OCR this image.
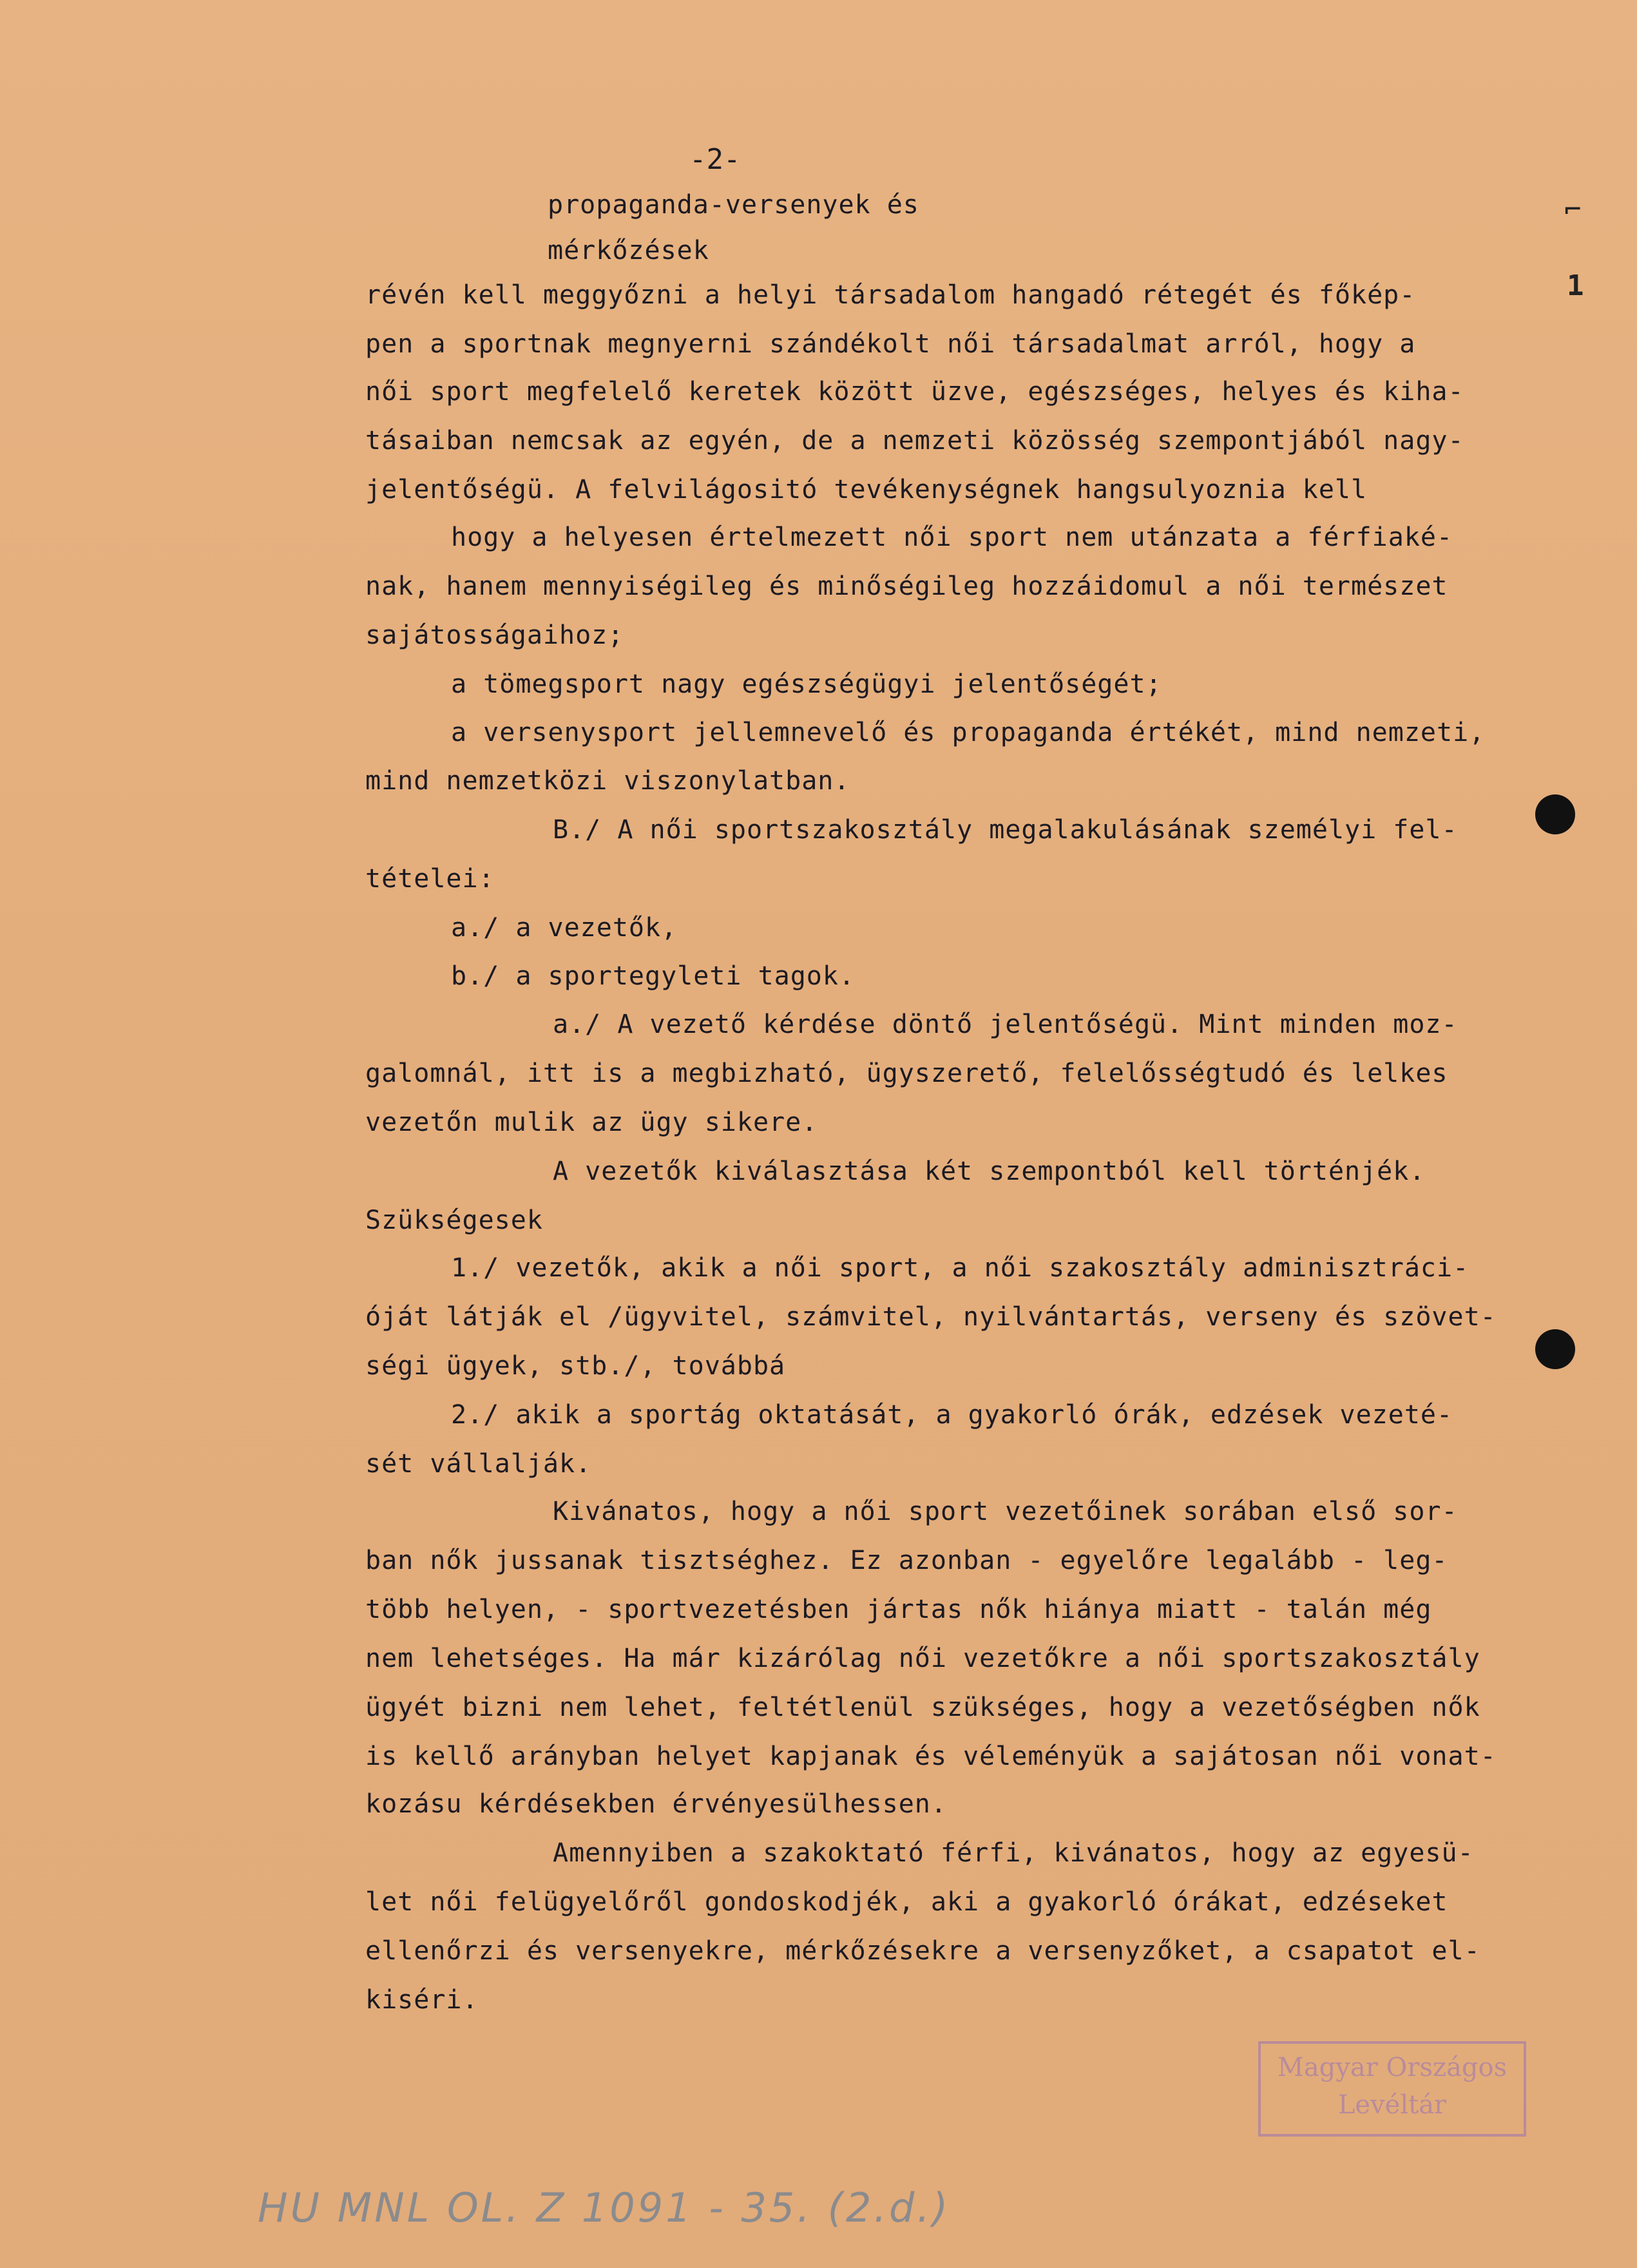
-2-
propaganda-versenyek és
mérkőzések
révén kell meggyőzni a helyi társadalom hangadó rétegét és főkép-
pen a sportnak megnyerni szándékolt női társadalmat arról, hogy a
női sport megfelelő keretek között üzve, egészséges, helyes és kiha-
tásaiban nemcsak az egyén, de a nemzeti közösség szempontjából nagy-
jelentőségü. A felvilágositó tevékenységnek hangsulyoznia kell
hogy a helyesen értelmezett női sport nem utánzata a férfiaké-
nak, hanem mennyiségileg és minőségileg hozzáidomul a női természet
sajátosságaihoz;
a tömegsport nagy egészségügyi jelentőségét;
a versenysport jellemnevelő és propaganda értékét, mind nemzeti,
mind nemzetközi viszonylatban.
B./ A női sportszakosztály megalakulásának személyi fel-
tételei:
a./ a vezetők,
b./ a sportegyleti tagok.
a./ A vezető kérdése döntő jelentőségü. Mint minden moz-
galomnál, itt is a megbizható, ügyszerető, felelősségtudó és lelkes
vezetőn mulik az ügy sikere.
A vezetők kiválasztása két szempontból kell történjék.
Szükségesek
1./ vezetők, akik a női sport, a női szakosztály adminisztráci-
óját látják el /ügyvitel, számvitel, nyilvántartás, verseny és szövet-
ségi ügyek, stb./, továbbá
2./ akik a sportág oktatását, a gyakorló órák, edzések vezeté-
sét vállalják.
Kivánatos, hogy a női sport vezetőinek sorában első sor-
ban nők jussanak tisztséghez. Ez azonban - egyelőre legalább - leg-
több helyen, - sportvezetésben jártas nők hiánya miatt - talán még
nem lehetséges. Ha már kizárólag női vezetőkre a női sportszakosztály
ügyét bizni nem lehet, feltétlenül szükséges, hogy a vezetőségben nők
is kellő arányban helyet kapjanak és véleményük a sajátosan női vonat-
kozásu kérdésekben érvényesülhessen.
Amennyiben a szakoktató férfi, kivánatos, hogy az egyesü-
let női felügyelőről gondoskodjék, aki a gyakorló órákat, edzéseket
ellenőrzi és versenyekre, mérkőzésekre a versenyzőket, a csapatot el-
kiséri.
⌐
1
Magyar Országos
Levéltár
HU MNL OL. Z 1091 - 35. (2.d.)
